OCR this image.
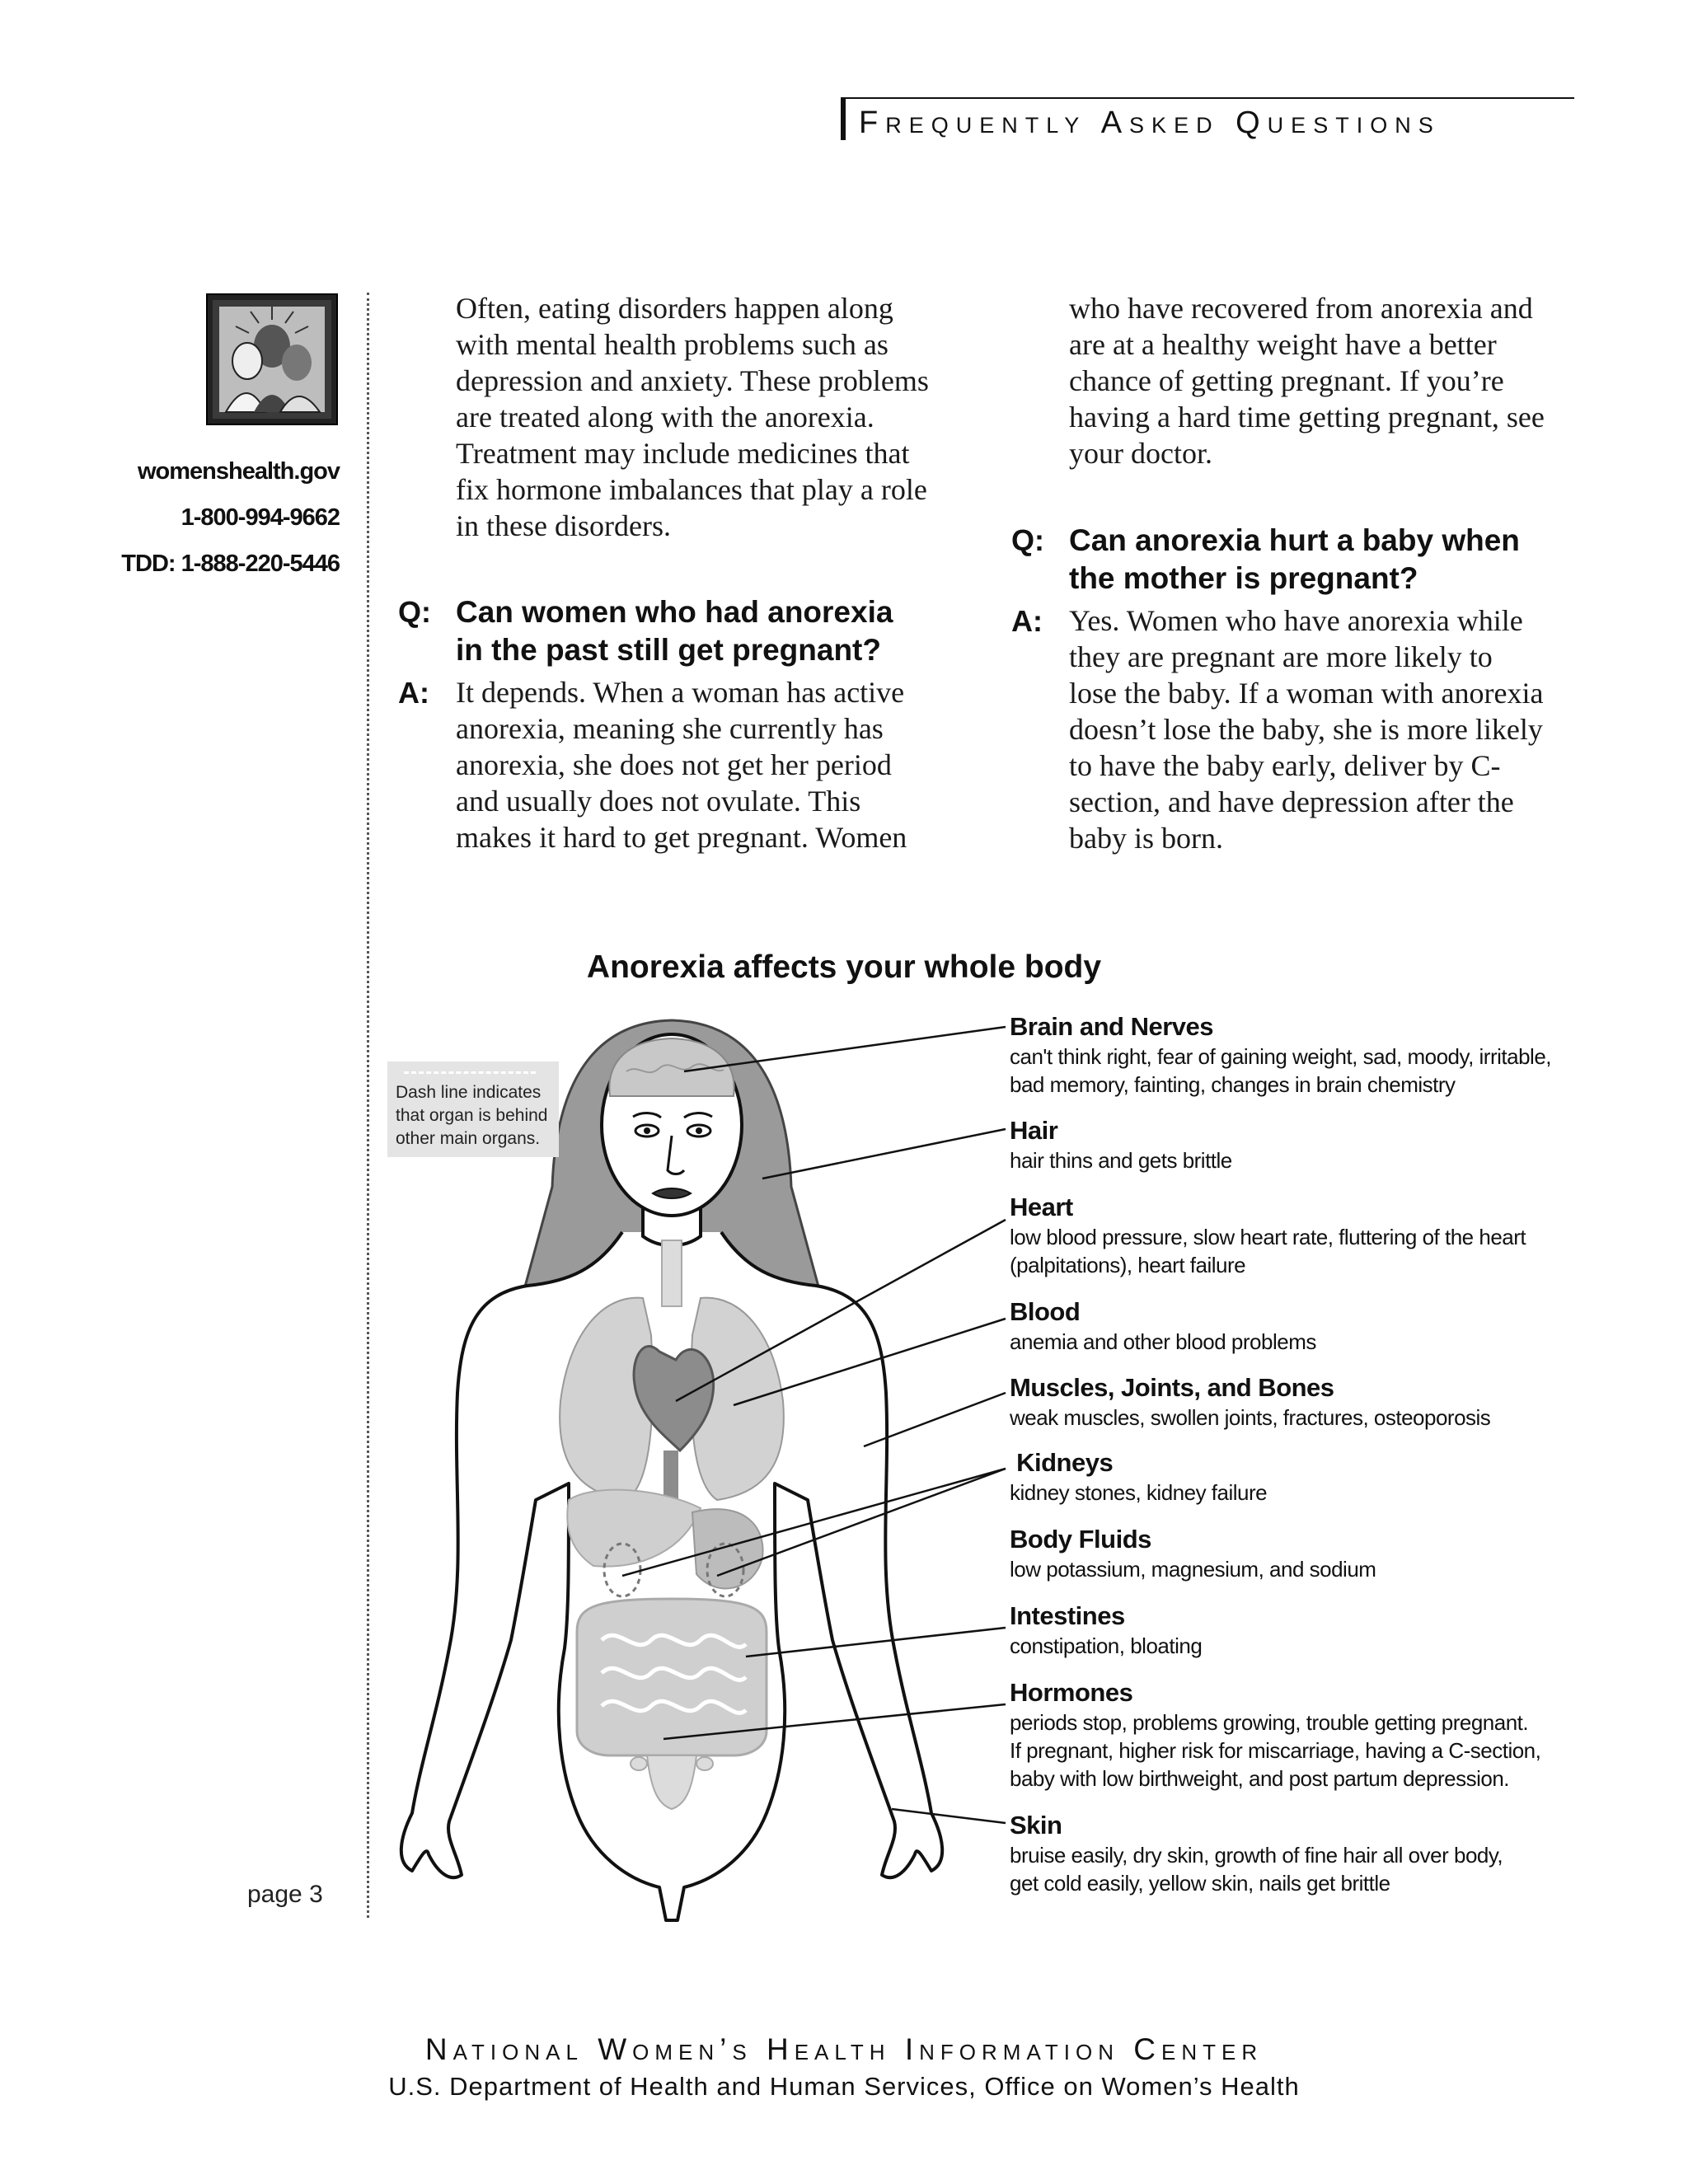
Frequently Asked Questions
womenshealth.gov
1-800-994-9662
TDD: 1-888-220-5446
page 3
Often, eating disorders happen along
with mental health problems such as
depression and anxiety. These problems
are treated along with the anorexia.
Treatment may include medicines that
fix hormone imbalances that play a role
in these disorders.
Q: Can women who had anorexia
in the past still get pregnant?
A: It depends. When a woman has active
anorexia, meaning she currently has
anorexia, she does not get her period
and usually does not ovulate. This
makes it hard to get pregnant. Women
who have recovered from anorexia and
are at a healthy weight have a better
chance of getting pregnant. If you’re
having a hard time getting pregnant, see
your doctor.
Q: Can anorexia hurt a baby when
the mother is pregnant?
A: Yes. Women who have anorexia while
they are pregnant are more likely to
lose the baby. If a woman with anorexia
doesn’t lose the baby, she is more likely
to have the baby early, deliver by C-
section, and have depression after the
baby is born.
Anorexia affects your whole body
Dash line indicates that organ is behind other main organs.
Brain and Nerves
can't think right, fear of gaining weight, sad, moody, irritable,
bad memory, fainting, changes in brain chemistry
Hair
hair thins and gets brittle
Heart
low blood pressure, slow heart rate, fluttering of the heart
(palpitations), heart failure
Blood
anemia and other blood problems
Muscles, Joints, and Bones
weak muscles, swollen joints, fractures, osteoporosis
Kidneys
kidney stones, kidney failure
Body Fluids
low potassium, magnesium, and sodium
Intestines
constipation, bloating
Hormones
periods stop, problems growing, trouble getting pregnant.
If pregnant, higher risk for miscarriage, having a C-section,
baby with low birthweight, and post partum depression.
Skin
bruise easily, dry skin, growth of fine hair all over body,
get cold easily, yellow skin, nails get brittle
National Women’s Health Information Center
U.S. Department of Health and Human Services, Office on Women’s Health
